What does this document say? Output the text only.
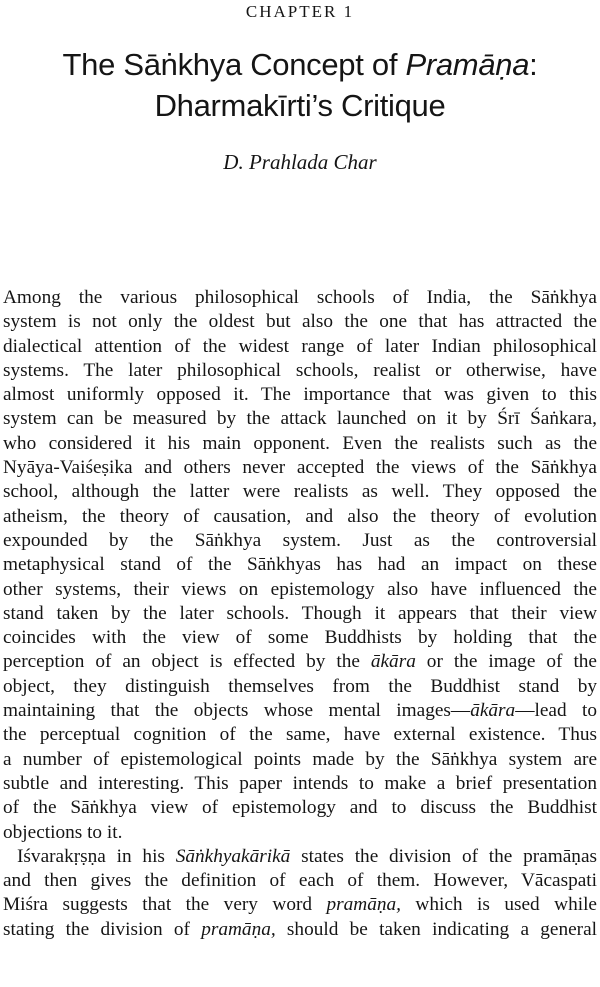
CHAPTER 1
The Sāṅkhya Concept of Pramāṇa:
Dharmakīrti’s Critique
D. Prahlada Char
Among the various philosophical schools of India, the Sāṅkhya
system is not only the oldest but also the one that has attracted the
dialectical attention of the widest range of later Indian philosophical
systems. The later philosophical schools, realist or otherwise, have
almost uniformly opposed it. The importance that was given to this
system can be measured by the attack launched on it by Śrī Śaṅkara,
who considered it his main opponent. Even the realists such as the
Nyāya-Vaiśeṣika and others never accepted the views of the Sāṅkhya
school, although the latter were realists as well. They opposed the
atheism, the theory of causation, and also the theory of evolution
expounded by the Sāṅkhya system. Just as the controversial
metaphysical stand of the Sāṅkhyas has had an impact on these
other systems, their views on epistemology also have influenced the
stand taken by the later schools. Though it appears that their view
coincides with the view of some Buddhists by holding that the
perception of an object is effected by the ākāra or the image of the
object, they distinguish themselves from the Buddhist stand by
maintaining that the objects whose mental images—ākāra—lead to
the perceptual cognition of the same, have external existence. Thus
a number of epistemological points made by the Sāṅkhya system are
subtle and interesting. This paper intends to make a brief presentation
of the Sāṅkhya view of epistemology and to discuss the Buddhist
objections to it.
Iśvarakṛṣṇa in his Sāṅkhyakārikā states the division of the pramāṇas
and then gives the definition of each of them. However, Vācaspati
Miśra suggests that the very word pramāṇa, which is used while
stating the division of pramāṇa, should be taken indicating a general
